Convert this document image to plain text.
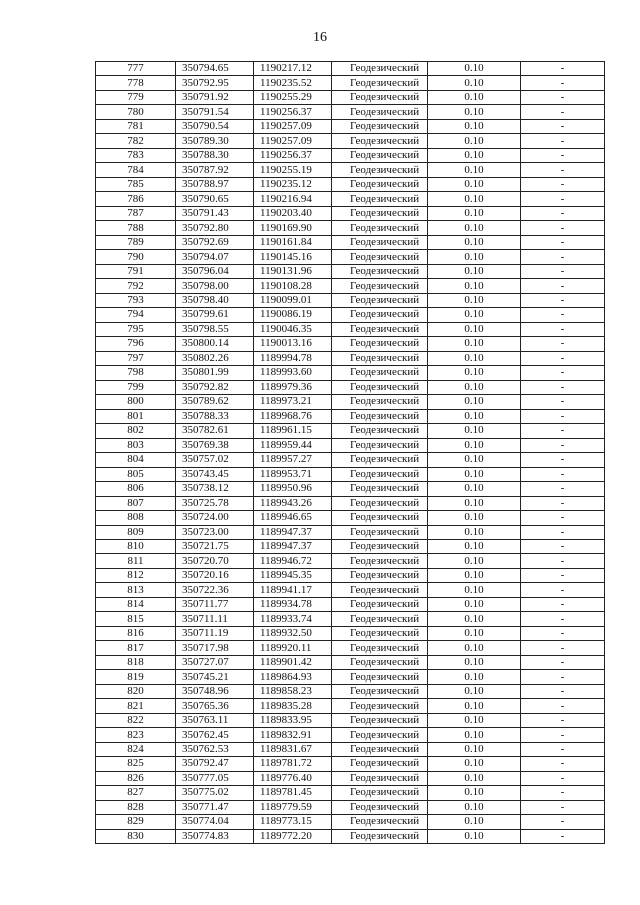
16
777	350794.65	1190217.12	Геодезический	0.10	-
778	350792.95	1190235.52	Геодезический	0.10	-
779	350791.92	1190255.29	Геодезический	0.10	-
780	350791.54	1190256.37	Геодезический	0.10	-
781	350790.54	1190257.09	Геодезический	0.10	-
782	350789.30	1190257.09	Геодезический	0.10	-
783	350788.30	1190256.37	Геодезический	0.10	-
784	350787.92	1190255.19	Геодезический	0.10	-
785	350788.97	1190235.12	Геодезический	0.10	-
786	350790.65	1190216.94	Геодезический	0.10	-
787	350791.43	1190203.40	Геодезический	0.10	-
788	350792.80	1190169.90	Геодезический	0.10	-
789	350792.69	1190161.84	Геодезический	0.10	-
790	350794.07	1190145.16	Геодезический	0.10	-
791	350796.04	1190131.96	Геодезический	0.10	-
792	350798.00	1190108.28	Геодезический	0.10	-
793	350798.40	1190099.01	Геодезический	0.10	-
794	350799.61	1190086.19	Геодезический	0.10	-
795	350798.55	1190046.35	Геодезический	0.10	-
796	350800.14	1190013.16	Геодезический	0.10	-
797	350802.26	1189994.78	Геодезический	0.10	-
798	350801.99	1189993.60	Геодезический	0.10	-
799	350792.82	1189979.36	Геодезический	0.10	-
800	350789.62	1189973.21	Геодезический	0.10	-
801	350788.33	1189968.76	Геодезический	0.10	-
802	350782.61	1189961.15	Геодезический	0.10	-
803	350769.38	1189959.44	Геодезический	0.10	-
804	350757.02	1189957.27	Геодезический	0.10	-
805	350743.45	1189953.71	Геодезический	0.10	-
806	350738.12	1189950.96	Геодезический	0.10	-
807	350725.78	1189943.26	Геодезический	0.10	-
808	350724.00	1189946.65	Геодезический	0.10	-
809	350723.00	1189947.37	Геодезический	0.10	-
810	350721.75	1189947.37	Геодезический	0.10	-
811	350720.70	1189946.72	Геодезический	0.10	-
812	350720.16	1189945.35	Геодезический	0.10	-
813	350722.36	1189941.17	Геодезический	0.10	-
814	350711.77	1189934.78	Геодезический	0.10	-
815	350711.11	1189933.74	Геодезический	0.10	-
816	350711.19	1189932.50	Геодезический	0.10	-
817	350717.98	1189920.11	Геодезический	0.10	-
818	350727.07	1189901.42	Геодезический	0.10	-
819	350745.21	1189864.93	Геодезический	0.10	-
820	350748.96	1189858.23	Геодезический	0.10	-
821	350765.36	1189835.28	Геодезический	0.10	-
822	350763.11	1189833.95	Геодезический	0.10	-
823	350762.45	1189832.91	Геодезический	0.10	-
824	350762.53	1189831.67	Геодезический	0.10	-
825	350792.47	1189781.72	Геодезический	0.10	-
826	350777.05	1189776.40	Геодезический	0.10	-
827	350775.02	1189781.45	Геодезический	0.10	-
828	350771.47	1189779.59	Геодезический	0.10	-
829	350774.04	1189773.15	Геодезический	0.10	-
830	350774.83	1189772.20	Геодезический	0.10	-
